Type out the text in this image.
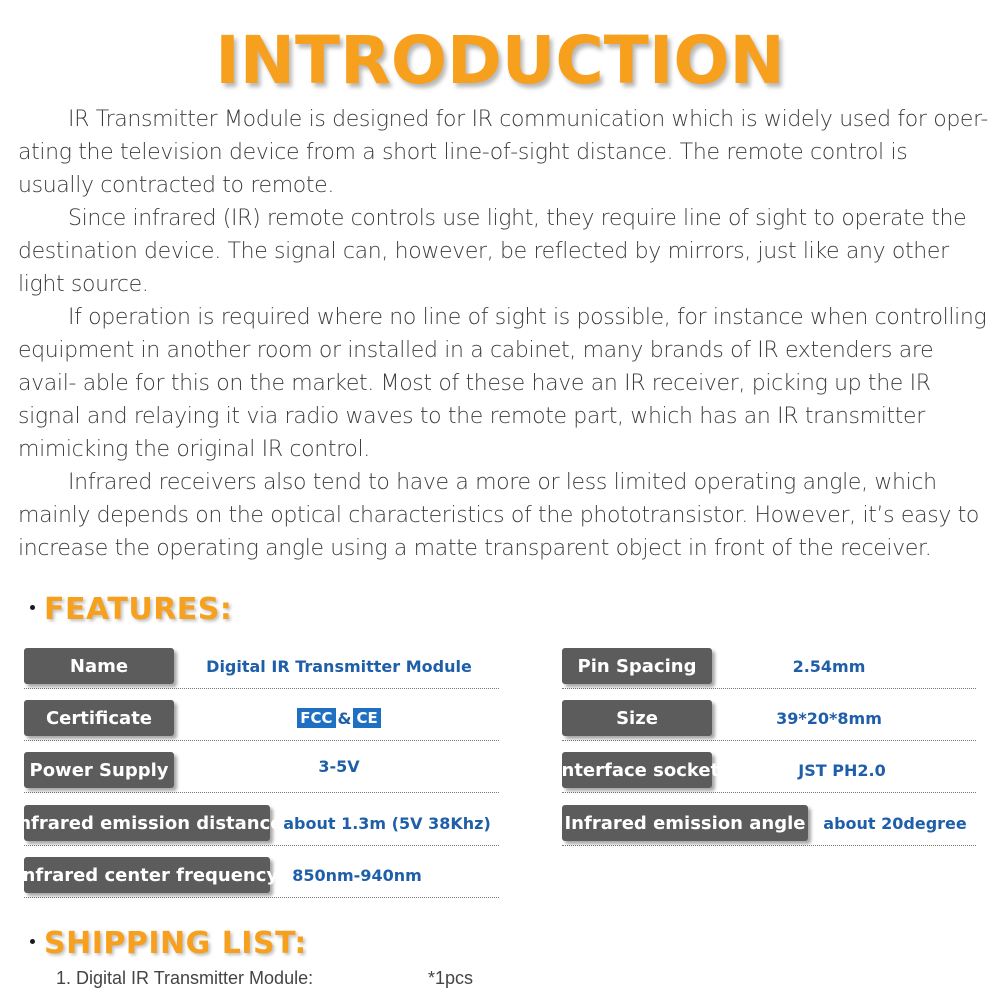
INTRODUCTION

IR Transmitter Module is designed for IR communication which is widely used for oper- ating the television device from a short line-of-sight distance. The remote control is usually contracted to remote.

Since infrared (IR) remote controls use light, they require line of sight to operate the destination device. The signal can, however, be reflected by mirrors, just like any other light source.

If operation is required where no line of sight is possible, for instance when controlling equipment in another room or installed in a cabinet, many brands of IR extenders are avail- able for this on the market. Most of these have an IR receiver, picking up the IR signal and relaying it via radio waves to the remote part, which has an IR transmitter mimicking the original IR control.

Infrared receivers also tend to have a more or less limited operating angle, which mainly depends on the optical characteristics of the phototransistor. However, it’s easy to increase the operating angle using a matte transparent object in front of the receiver.

FEATURES:
Name	Digital IR Transmitter Module
Certificate	FCC & CE
Power Supply	3-5V
Infrared emission distance about 1.3m (5V 38Khz)
Infrared center frequency 850nm-940nm
Pin Spacing	2.54mm
Size	39*20*8mm
Interface socket	JST PH2.0
Infrared emission angle about 20degree
SHIPPING LIST:
1. Digital IR Transmitter Module:	*1pcs
